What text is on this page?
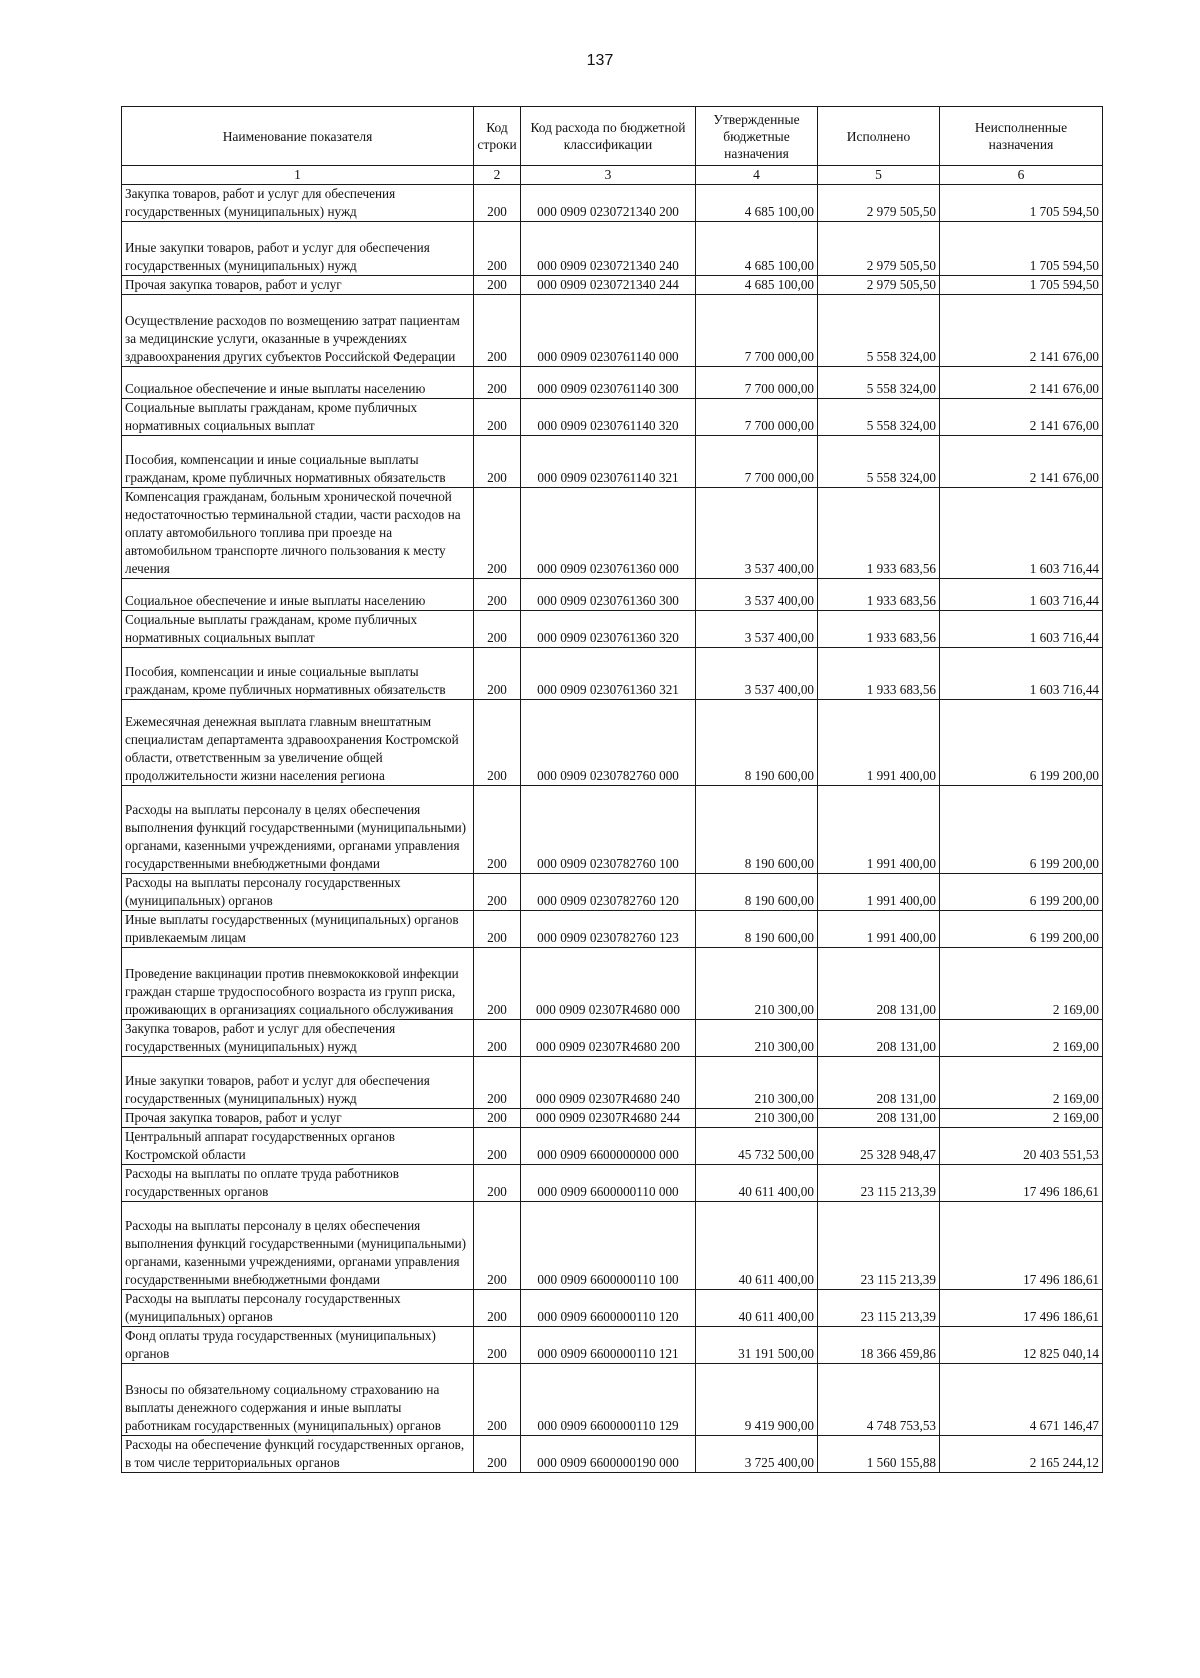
137
Наименование показателя	Код строки	Код расхода по бюджетной классификации	Утвержденные бюджетные назначения	Исполнено	Неисполненные назначения
1	2	3	4	5	6
Закупка товаров, работ и услуг для обеспечения государственных (муниципальных) нужд	200	000 0909 0230721340 200	4 685 100,00	2 979 505,50	1 705 594,50
Иные закупки товаров, работ и услуг для обеспечения государственных (муниципальных) нужд	200	000 0909 0230721340 240	4 685 100,00	2 979 505,50	1 705 594,50
Прочая закупка товаров, работ и услуг	200	000 0909 0230721340 244	4 685 100,00	2 979 505,50	1 705 594,50
Осуществление расходов по возмещению затрат пациентам за медицинские услуги, оказанные в учреждениях здравоохранения других субъектов Российской Федерации	200	000 0909 0230761140 000	7 700 000,00	5 558 324,00	2 141 676,00
Социальное обеспечение и иные выплаты населению	200	000 0909 0230761140 300	7 700 000,00	5 558 324,00	2 141 676,00
Социальные выплаты гражданам, кроме публичных нормативных социальных выплат	200	000 0909 0230761140 320	7 700 000,00	5 558 324,00	2 141 676,00
Пособия, компенсации и иные социальные выплаты гражданам, кроме публичных нормативных обязательств	200	000 0909 0230761140 321	7 700 000,00	5 558 324,00	2 141 676,00
Компенсация гражданам, больным хронической почечной недостаточностью терминальной стадии, части расходов на оплату автомобильного топлива при проезде на автомобильном транспорте личного пользования к месту лечения	200	000 0909 0230761360 000	3 537 400,00	1 933 683,56	1 603 716,44
Социальное обеспечение и иные выплаты населению	200	000 0909 0230761360 300	3 537 400,00	1 933 683,56	1 603 716,44
Социальные выплаты гражданам, кроме публичных нормативных социальных выплат	200	000 0909 0230761360 320	3 537 400,00	1 933 683,56	1 603 716,44
Пособия, компенсации и иные социальные выплаты гражданам, кроме публичных нормативных обязательств	200	000 0909 0230761360 321	3 537 400,00	1 933 683,56	1 603 716,44
Ежемесячная денежная выплата главным внештатным специалистам департамента здравоохранения Костромской области, ответственным за увеличение общей продолжительности жизни населения региона	200	000 0909 0230782760 000	8 190 600,00	1 991 400,00	6 199 200,00
Расходы на выплаты персоналу в целях обеспечения выполнения функций государственными (муниципальными) органами, казенными учреждениями, органами управления государственными внебюджетными фондами	200	000 0909 0230782760 100	8 190 600,00	1 991 400,00	6 199 200,00
Расходы на выплаты персоналу государственных (муниципальных) органов	200	000 0909 0230782760 120	8 190 600,00	1 991 400,00	6 199 200,00
Иные выплаты государственных (муниципальных) органов привлекаемым лицам	200	000 0909 0230782760 123	8 190 600,00	1 991 400,00	6 199 200,00
Проведение вакцинации против пневмококковой инфекции граждан старше трудоспособного возраста из групп риска, проживающих в организациях социального обслуживания	200	000 0909 02307R4680 000	210 300,00	208 131,00	2 169,00
Закупка товаров, работ и услуг для обеспечения государственных (муниципальных) нужд	200	000 0909 02307R4680 200	210 300,00	208 131,00	2 169,00
Иные закупки товаров, работ и услуг для обеспечения государственных (муниципальных) нужд	200	000 0909 02307R4680 240	210 300,00	208 131,00	2 169,00
Прочая закупка товаров, работ и услуг	200	000 0909 02307R4680 244	210 300,00	208 131,00	2 169,00
Центральный аппарат государственных органов Костромской области	200	000 0909 6600000000 000	45 732 500,00	25 328 948,47	20 403 551,53
Расходы на выплаты по оплате труда работников государственных органов	200	000 0909 6600000110 000	40 611 400,00	23 115 213,39	17 496 186,61
Расходы на выплаты персоналу в целях обеспечения выполнения функций государственными (муниципальными) органами, казенными учреждениями, органами управления государственными внебюджетными фондами	200	000 0909 6600000110 100	40 611 400,00	23 115 213,39	17 496 186,61
Расходы на выплаты персоналу государственных (муниципальных) органов	200	000 0909 6600000110 120	40 611 400,00	23 115 213,39	17 496 186,61
Фонд оплаты труда государственных (муниципальных) органов	200	000 0909 6600000110 121	31 191 500,00	18 366 459,86	12 825 040,14
Взносы по обязательному социальному страхованию на выплаты денежного содержания и иные выплаты работникам государственных (муниципальных) органов	200	000 0909 6600000110 129	9 419 900,00	4 748 753,53	4 671 146,47
Расходы на обеспечение функций государственных органов, в том числе территориальных органов	200	000 0909 6600000190 000	3 725 400,00	1 560 155,88	2 165 244,12
